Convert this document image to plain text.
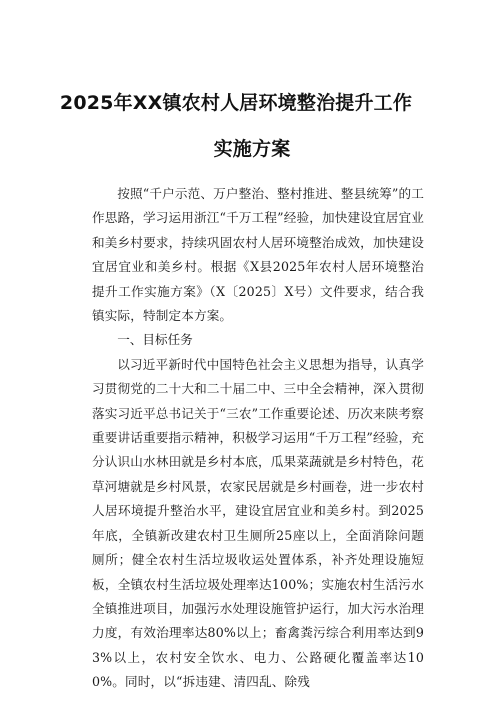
2025年XX镇农村人居环境整治提升工作
实施方案

按照“千户示范、万户整治、整村推进、整县统筹”的工作思路，学习运用浙江“千万工程”经验，加快建设宜居宜业和美乡村要求，持续巩固农村人居环境整治成效，加快建设宜居宜业和美乡村。根据《X县2025年农村人居环境整治提升工作实施方案》（X〔2025〕X号）文件要求，结合我镇实际，特制定本方案。

一、目标任务

以习近平新时代中国特色社会主义思想为指导，认真学习贯彻党的二十大和二十届二中、三中全会精神，深入贯彻落实习近平总书记关于“三农”工作重要论述、历次来陕考察重要讲话重要指示精神，积极学习运用“千万工程”经验，充分认识山水林田就是乡村本底，瓜果菜蔬就是乡村特色，花草河塘就是乡村风景，农家民居就是乡村画卷，进一步农村人居环境提升整治水平，建设宜居宜业和美乡村。到2025年底，全镇新改建农村卫生厕所25座以上，全面消除问题厕所；健全农村生活垃圾收运处置体系，补齐处理设施短板，全镇农村生活垃圾处理率达100%；实施农村生活污水全镇推进项目，加强污水处理设施管护运行，加大污水治理力度，有效治理率达80%以上；畜禽粪污综合利用率达到93%以上，农村安全饮水、电力、公路硬化覆盖率达100%。同时，以“拆违建、清四乱、除残
